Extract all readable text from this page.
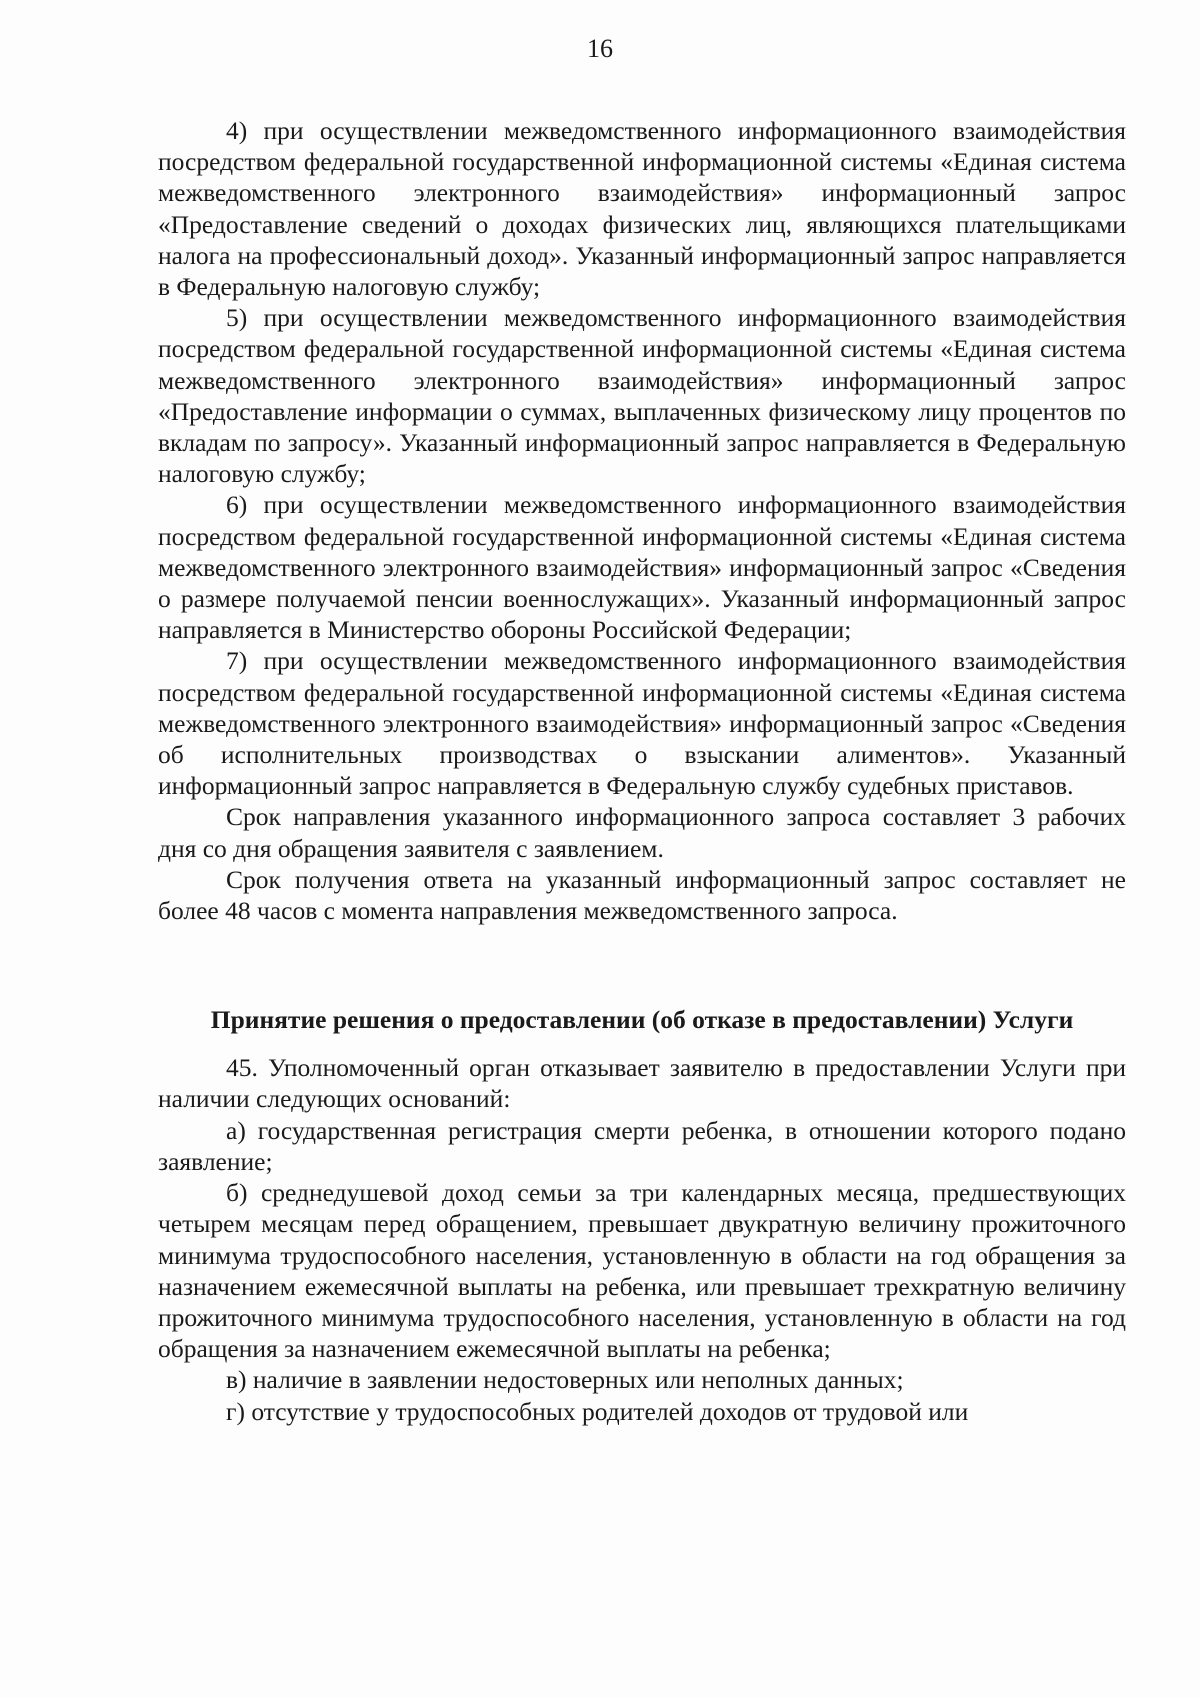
16

4) при осуществлении межведомственного информационного взаимодействия посредством федеральной государственной информационной системы «Единая система межведомственного электронного взаимодействия» информационный запрос «Предоставление сведений о доходах физических лиц, являющихся плательщиками налога на профессиональный доход». Указанный информационный запрос направляется в Федеральную налоговую службу;

5) при осуществлении межведомственного информационного взаимодействия посредством федеральной государственной информационной системы «Единая система межведомственного электронного взаимодействия» информационный запрос «Предоставление информации о суммах, выплаченных физическому лицу процентов по вкладам по запросу». Указанный информационный запрос направляется в Федеральную налоговую службу;

6) при осуществлении межведомственного информационного взаимодействия посредством федеральной государственной информационной системы «Единая система межведомственного электронного взаимодействия» информационный запрос «Сведения о размере получаемой пенсии военнослужащих». Указанный информационный запрос направляется в Министерство обороны Российской Федерации;

7) при осуществлении межведомственного информационного взаимодействия посредством федеральной государственной информационной системы «Единая система межведомственного электронного взаимодействия» информационный запрос «Сведения об исполнительных производствах о взыскании алиментов». Указанный информационный запрос направляется в Федеральную службу судебных приставов.

Срок направления указанного информационного запроса составляет 3 рабочих дня со дня обращения заявителя с заявлением.

Срок получения ответа на указанный информационный запрос составляет не более 48 часов с момента направления межведомственного запроса.

Принятие решения о предоставлении (об отказе в предоставлении) Услуги

45. Уполномоченный орган отказывает заявителю в предоставлении Услуги при наличии следующих оснований:

а) государственная регистрация смерти ребенка, в отношении которого подано заявление;

б) среднедушевой доход семьи за три календарных месяца, предшествующих четырем месяцам перед обращением, превышает двукратную величину прожиточного минимума трудоспособного населения, установленную в области на год обращения за назначением ежемесячной выплаты на ребенка, или превышает трехкратную величину прожиточного минимума трудоспособного населения, установленную в области на год обращения за назначением ежемесячной выплаты на ребенка;

в) наличие в заявлении недостоверных или неполных данных;

г) отсутствие у трудоспособных родителей доходов от трудовой или
